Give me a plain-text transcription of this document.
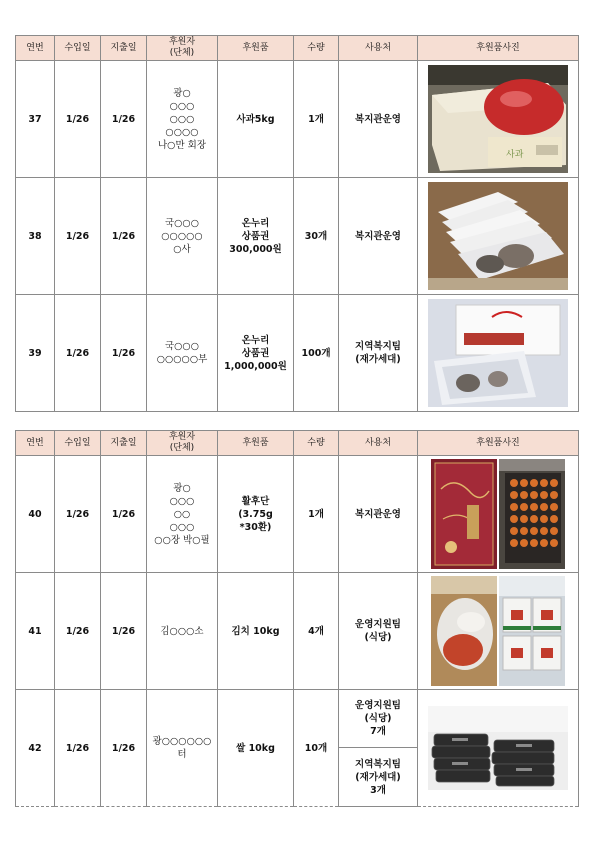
연번	수입일	지출일	후원자
(단체)	후원품	수량	사용처	후원품사진
37	1/26	1/26	광○
○○○
○○○
○○○○
나○만 회장	사과5kg	1개	복지관운영	사과

38	1/26	1/26	국○○○
○○○○○
○사	온누리
상품권
300,000원	30개	복지관운영

39	1/26	1/26	국○○○
○○○○○부	온누리
상품권
1,000,000원	100개	지역복지팀
(재가세대)

연번	수입일	지출일	후원자
(단체)	후원품	수량	사용처	후원품사진
40	1/26	1/26	광○
○○○
○○
○○○
○○장 박○필	활후단
(3.75g
*30환)	1개	복지관운영

41	1/26	1/26	김○○○소	김치 10kg	4개	운영지원팀
(식당)

42	1/26	1/26	광○○○○○○
터	쌀 10kg	10개	운영지원팀
(식당)
7개

						지역복지팀
(재가세대)
3개	
